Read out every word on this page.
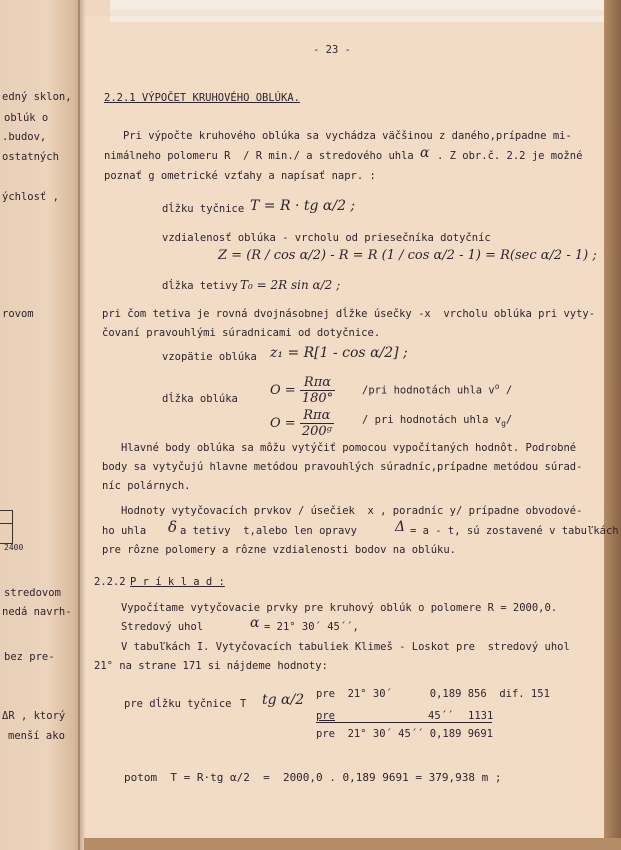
edný sklon,
oblúk o
.budov,
ostatných
ýchlosť ,
rovom
2400
stredovom
nedá navrh-
bez pre-
ΔR , ktorý
menší ako
- 23 -
2.2.1 VÝPOČET KRUHOVÉHO OBLÚKA.
Pri výpočte kruhového oblúka sa vychádza väčšinou z daného,prípadne mi-
nimálneho polomeru R  / R min./ a stredového uhla α . Z obr.č. 2.2 je možné
poznať g ometrické vzťahy a napísať napr. :
dĺžku tyčnice T = R · tg α/2 ;
vzdialenosť oblúka - vrcholu od priesečníka dotyčníc
Z = (R / cos α/2) - R = R (1 / cos α/2 - 1) = R(sec α/2 - 1) ;
dĺžka tetivy T₀ = 2R sin α/2 ;
pri čom tetiva je rovná dvojnásobnej dĺžke úsečky -x  vrcholu oblúka pri vyty-
čovaní pravouhlými súradnicami od dotyčnice.
vzopätie oblúka z₁ = R[1 - cos α/2] ;
dĺžka oblúka
$O = \frac{\text{Rπα}}{180^\circ}$	/pri hodnotách uhla $v^o$ /
$O = \frac{\text{Rπα}}{\text{200ᵍ}}$	/ pri hodnotách uhla $v_g/$
Hlavné body oblúka sa môžu vytýčiť pomocou vypočítaných hodnôt. Podrobné
body sa vytyčujú hlavne metódou pravouhlých súradníc,prípadne metódou súrad-
níc polárnych.
Hodnoty vytyčovacích prvkov / úsečiek  x , poradníc y/ prípadne obvodové-
ho uhla δ a tetivy  t,alebo len opravy	Δ = a - t, sú zostavené v tabuľkách
pre rôzne polomery a rôzne vzdialenosti bodov na oblúku.
2.2.2 P r í k l a d :
Vypočítame vytyčovacie prvky pre kruhový oblúk o polomere R = 2000,0.
Stredový uhol	α = 21° 30´ 45´´,
V tabuľkách I. Vytyčovacích tabuliek Klimeš - Loskot pre  stredový uhol
21° na strane 171 si nájdeme hodnoty:
pre dĺžku tyčnice T tg α/2 pre  21° 30´      0,189 856  dif. 151
pre	45´´ 1131
pre  21° 30´ 45´´ 0,189 9691
potom  T = R·tg α/2  =  2000,0 . 0,189 9691 = 379,938 m ;
